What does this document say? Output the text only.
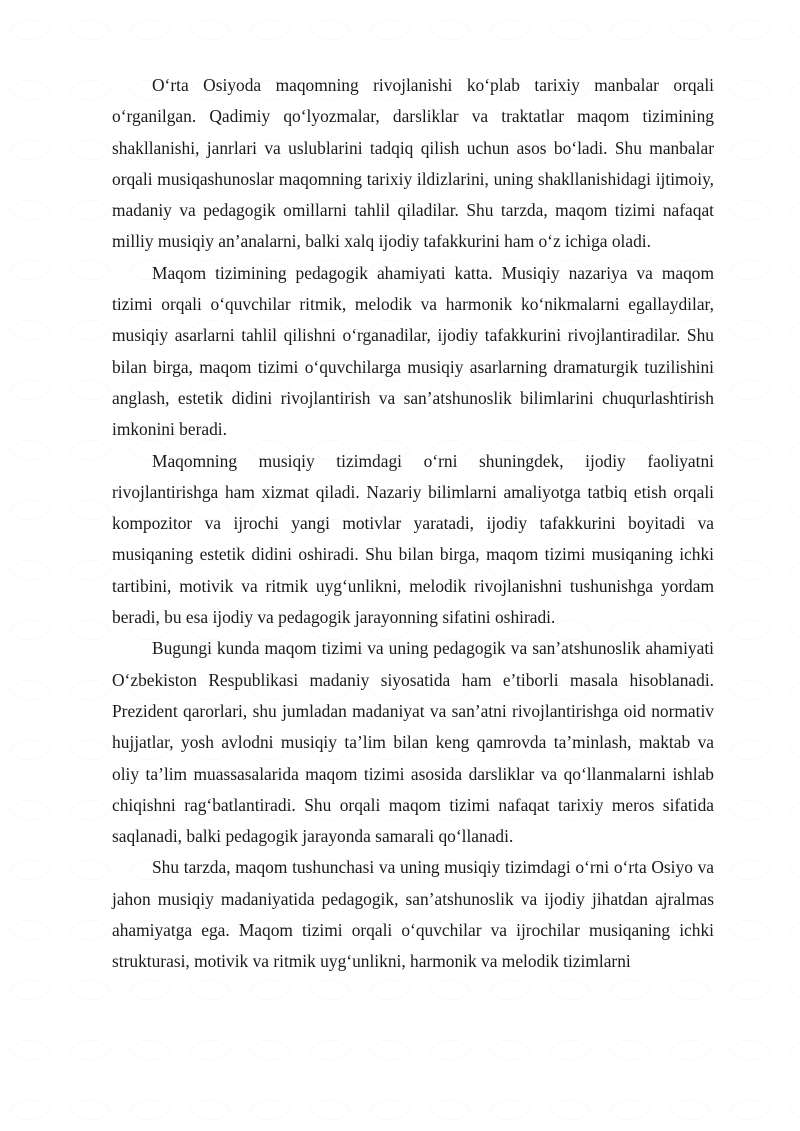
O‘rta Osiyoda maqomning rivojlanishi ko‘plab tarixiy manbalar orqali o‘rganilgan. Qadimiy qo‘lyozmalar, darsliklar va traktatlar maqom tizimining shakllanishi, janrlari va uslublarini tadqiq qilish uchun asos bo‘ladi. Shu manbalar orqali musiqashunoslar maqomning tarixiy ildizlarini, uning shakllanishidagi ijtimoiy, madaniy va pedagogik omillarni tahlil qiladilar. Shu tarzda, maqom tizimi nafaqat milliy musiqiy an’analarni, balki xalq ijodiy tafakkurini ham o‘z ichiga oladi.

Maqom tizimining pedagogik ahamiyati katta. Musiqiy nazariya va maqom tizimi orqali o‘quvchilar ritmik, melodik va harmonik ko‘nikmalarni egallaydilar, musiqiy asarlarni tahlil qilishni o‘rganadilar, ijodiy tafakkurini rivojlantiradilar. Shu bilan birga, maqom tizimi o‘quvchilarga musiqiy asarlarning dramaturgik tuzilishini anglash, estetik didini rivojlantirish va san’atshunoslik bilimlarini chuqurlashtirish imkonini beradi.

Maqomning musiqiy tizimdagi o‘rni shuningdek, ijodiy faoliyatni rivojlantirishga ham xizmat qiladi. Nazariy bilimlarni amaliyotga tatbiq etish orqali kompozitor va ijrochi yangi motivlar yaratadi, ijodiy tafakkurini boyitadi va musiqaning estetik didini oshiradi. Shu bilan birga, maqom tizimi musiqaning ichki tartibini, motivik va ritmik uyg‘unlikni, melodik rivojlanishni tushunishga yordam beradi, bu esa ijodiy va pedagogik jarayonning sifatini oshiradi.

Bugungi kunda maqom tizimi va uning pedagogik va san’atshunoslik ahamiyati O‘zbekiston Respublikasi madaniy siyosatida ham e’tiborli masala hisoblanadi. Prezident qarorlari, shu jumladan madaniyat va san’atni rivojlantirishga oid normativ hujjatlar, yosh avlodni musiqiy ta’lim bilan keng qamrovda ta’minlash, maktab va oliy ta’lim muassasalarida maqom tizimi asosida darsliklar va qo‘llanmalarni ishlab chiqishni rag‘batlantiradi. Shu orqali maqom tizimi nafaqat tarixiy meros sifatida saqlanadi, balki pedagogik jarayonda samarali qo‘llanadi.

Shu tarzda, maqom tushunchasi va uning musiqiy tizimdagi o‘rni o‘rta Osiyo va jahon musiqiy madaniyatida pedagogik, san’atshunoslik va ijodiy jihatdan ajralmas ahamiyatga ega. Maqom tizimi orqali o‘quvchilar va ijrochilar musiqaning ichki strukturasi, motivik va ritmik uyg‘unlikni, harmonik va melodik tizimlarni
